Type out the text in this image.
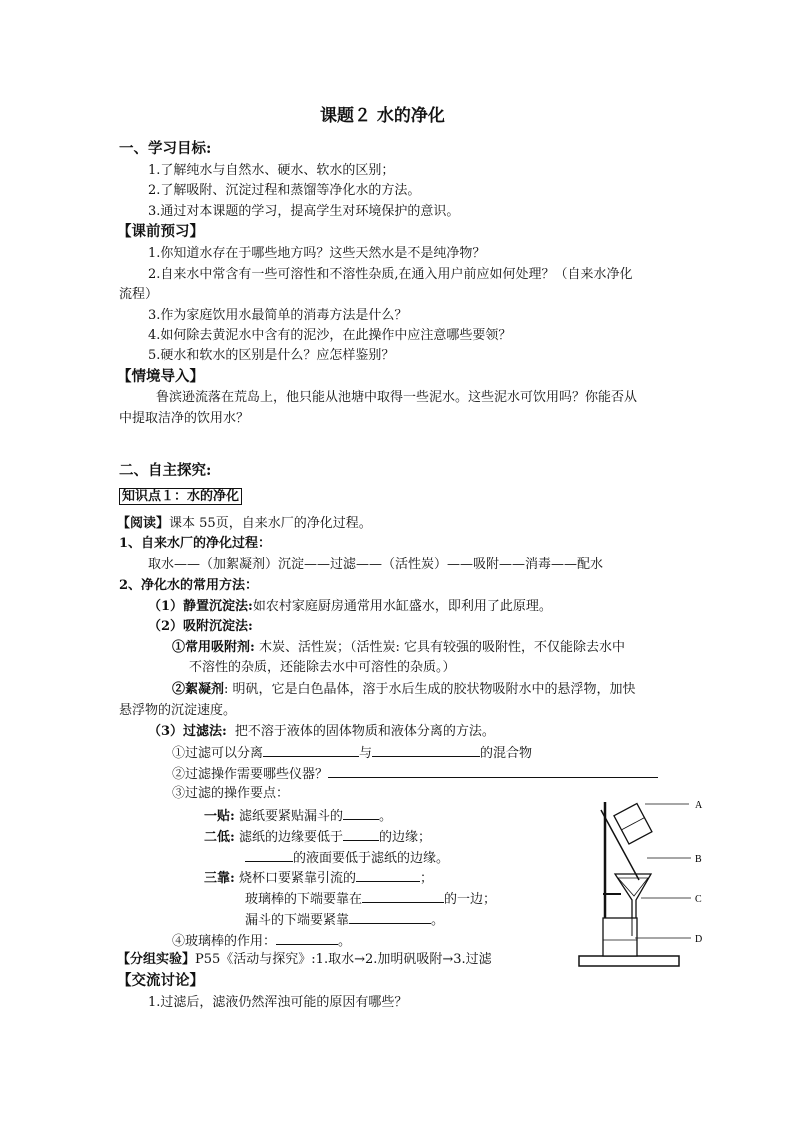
课题２ 水的净化
一、学习目标:
1.了解纯水与自然水、硬水、软水的区别；
2.了解吸附、沉淀过程和蒸馏等净化水的方法。
3.通过对本课题的学习，提高学生对环境保护的意识。
【课前预习】
1.你知道水存在于哪些地方吗？这些天然水是不是纯净物？
2.自来水中常含有一些可溶性和不溶性杂质,在通入用户前应如何处理？（自来水净化
流程）
3.作为家庭饮用水最简单的消毒方法是什么？
4.如何除去黄泥水中含有的泥沙，在此操作中应注意哪些要领？
5.硬水和软水的区别是什么？应怎样鉴别？
【情境导入】
鲁滨逊流落在荒岛上，他只能从池塘中取得一些泥水。这些泥水可饮用吗？你能否从
中提取洁净的饮用水？
二、自主探究:
知识点１：水的净化
【阅读】课本 55页，自来水厂的净化过程。
1、自来水厂的净化过程：
取水——（加絮凝剂）沉淀——过滤——（活性炭）——吸附——消毒——配水
2、净化水的常用方法：
（1）静置沉淀法:如农村家庭厨房通常用水缸盛水，即利用了此原理。
（2）吸附沉淀法:
①常用吸附剂: 木炭、活性炭；（活性炭: 它具有较强的吸附性，不仅能除去水中
不溶性的杂质，还能除去水中可溶性的杂质。）
②絮凝剂: 明矾，它是白色晶体，溶于水后生成的胶状物吸附水中的悬浮物，加快
悬浮物的沉淀速度。
（3）过滤法: 把不溶于液体的固体物质和液体分离的方法。
①过滤可以分离	与	的混合物
②过滤操作需要哪些仪器？
③过滤的操作要点：
一贴: 滤纸要紧贴漏斗的	。
二低: 滤纸的边缘要低于	的边缘；
的液面要低于滤纸的边缘。
三靠: 烧杯口要紧靠引流的	；
玻璃棒的下端要靠在	的一边；
漏斗的下端要紧靠	。
④玻璃棒的作用：	。
【分组实验】P55《活动与探究》:1.取水→2.加明矾吸附→3.过滤
【交流讨论】
1.过滤后，滤液仍然浑浊可能的原因有哪些？
A
B
C
D
